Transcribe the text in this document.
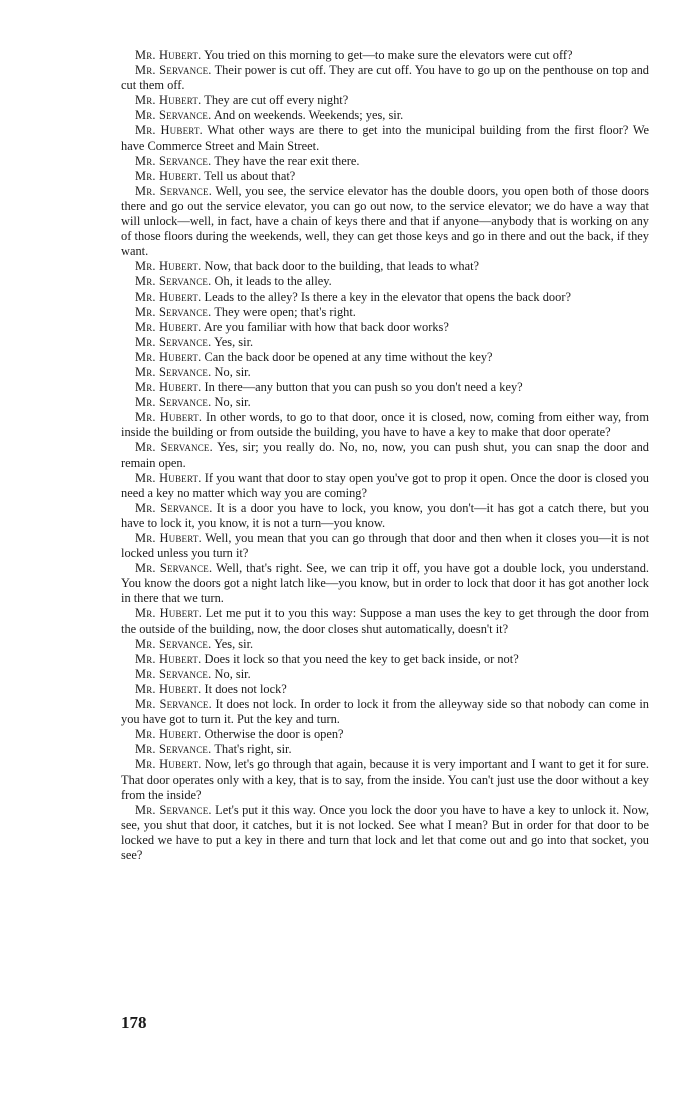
Mr. Hubert. You tried on this morning to get—to make sure the elevators were cut off?

Mr. Servance. Their power is cut off. They are cut off. You have to go up on the penthouse on top and cut them off.

Mr. Hubert. They are cut off every night?

Mr. Servance. And on weekends. Weekends; yes, sir.

Mr. Hubert. What other ways are there to get into the municipal building from the first floor? We have Commerce Street and Main Street.

Mr. Servance. They have the rear exit there.

Mr. Hubert. Tell us about that?

Mr. Servance. Well, you see, the service elevator has the double doors, you open both of those doors there and go out the service elevator, you can go out now, to the service elevator; we do have a way that will unlock—well, in fact, have a chain of keys there and that if anyone—anybody that is working on any of those floors during the weekends, well, they can get those keys and go in there and out the back, if they want.

Mr. Hubert. Now, that back door to the building, that leads to what?

Mr. Servance. Oh, it leads to the alley.

Mr. Hubert. Leads to the alley? Is there a key in the elevator that opens the back door?

Mr. Servance. They were open; that's right.

Mr. Hubert. Are you familiar with how that back door works?

Mr. Servance. Yes, sir.

Mr. Hubert. Can the back door be opened at any time without the key?

Mr. Servance. No, sir.

Mr. Hubert. In there—any button that you can push so you don't need a key?

Mr. Servance. No, sir.

Mr. Hubert. In other words, to go to that door, once it is closed, now, coming from either way, from inside the building or from outside the building, you have to have a key to make that door operate?

Mr. Servance. Yes, sir; you really do. No, no, now, you can push shut, you can snap the door and remain open.

Mr. Hubert. If you want that door to stay open you've got to prop it open. Once the door is closed you need a key no matter which way you are coming?

Mr. Servance. It is a door you have to lock, you know, you don't—it has got a catch there, but you have to lock it, you know, it is not a turn—you know.

Mr. Hubert. Well, you mean that you can go through that door and then when it closes you—it is not locked unless you turn it?

Mr. Servance. Well, that's right. See, we can trip it off, you have got a double lock, you understand. You know the doors got a night latch like—you know, but in order to lock that door it has got another lock in there that we turn.

Mr. Hubert. Let me put it to you this way: Suppose a man uses the key to get through the door from the outside of the building, now, the door closes shut automatically, doesn't it?

Mr. Servance. Yes, sir.

Mr. Hubert. Does it lock so that you need the key to get back inside, or not?

Mr. Servance. No, sir.

Mr. Hubert. It does not lock?

Mr. Servance. It does not lock. In order to lock it from the alleyway side so that nobody can come in you have got to turn it. Put the key and turn.

Mr. Hubert. Otherwise the door is open?

Mr. Servance. That's right, sir.

Mr. Hubert. Now, let's go through that again, because it is very important and I want to get it for sure. That door operates only with a key, that is to say, from the inside. You can't just use the door without a key from the inside?

Mr. Servance. Let's put it this way. Once you lock the door you have to have a key to unlock it. Now, see, you shut that door, it catches, but it is not locked. See what I mean? But in order for that door to be locked we have to put a key in there and turn that lock and let that come out and go into that socket, you see?

178
